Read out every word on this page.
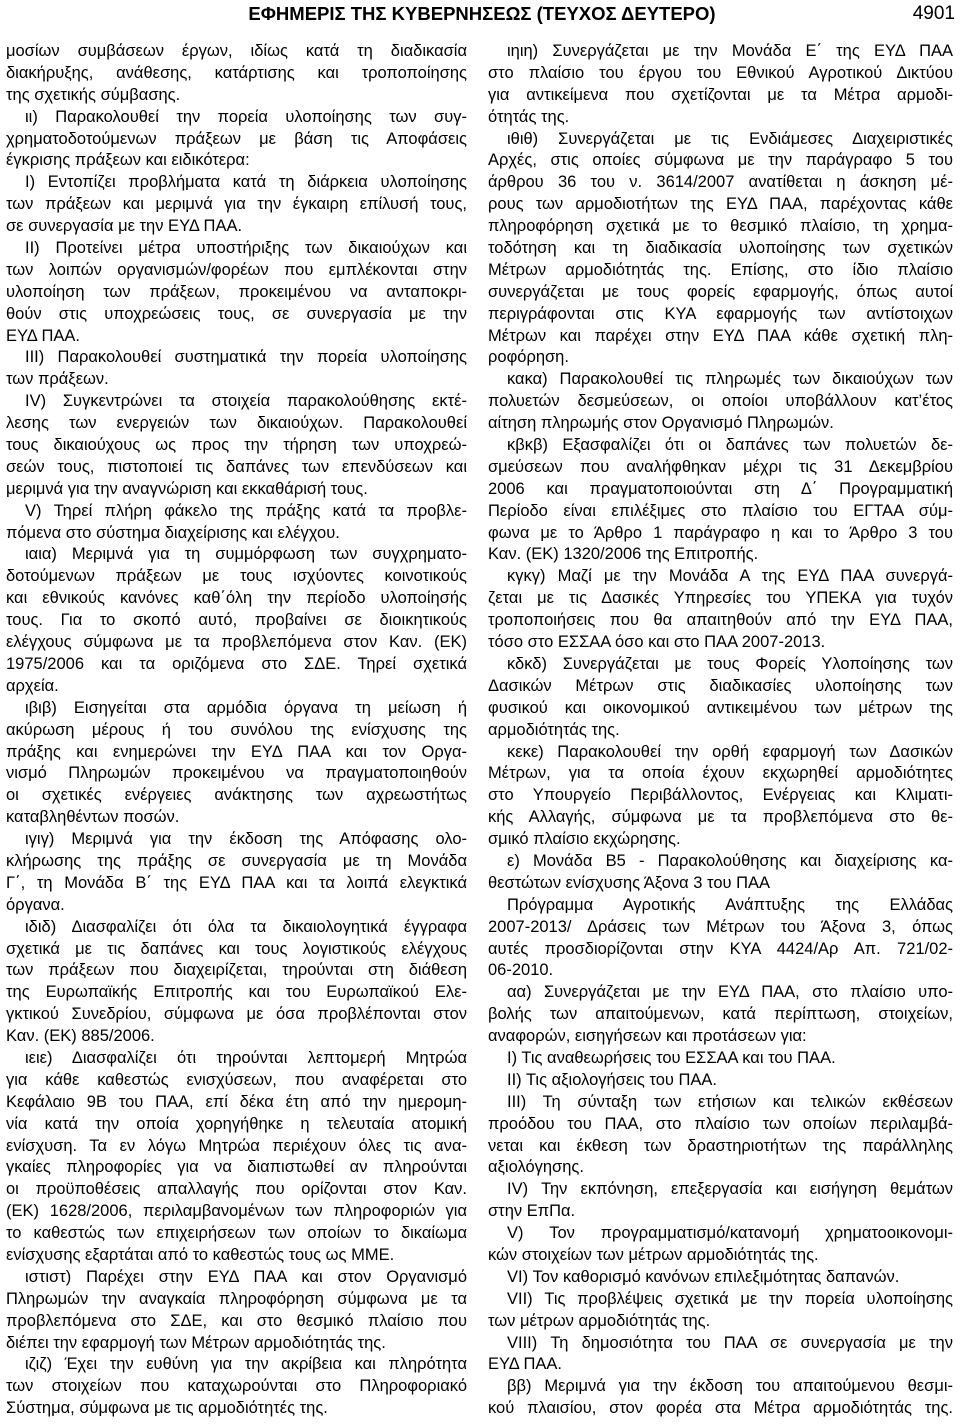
ΕΦΗΜΕΡΙΣ ΤΗΣ ΚΥΒΕΡΝΗΣΕΩΣ (ΤΕΥΧΟΣ ΔΕΥΤΕΡΟ)	4901
μοσίων συμβάσεων έργων, ιδίως κατά τη διαδικασία
διακήρυξης, ανάθεσης, κατάρτισης και τροποποίησης
της σχετικής σύμβασης.
ιι) Παρακολουθεί την πορεία υλοποίησης των συγ-
χρηματοδοτούμενων πράξεων με βάση τις Αποφάσεις
έγκρισης πράξεων και ειδικότερα:
Ι) Εντοπίζει προβλήματα κατά τη διάρκεια υλοποίησης
των πράξεων και μεριμνά για την έγκαιρη επίλυσή τους,
σε συνεργασία με την ΕΥΔ ΠΑΑ.
ΙΙ) Προτείνει μέτρα υποστήριξης των δικαιούχων και
των λοιπών οργανισμών/φορέων που εμπλέκονται στην
υλοποίηση των πράξεων, προκειμένου να ανταποκρι-
θούν στις υποχρεώσεις τους, σε συνεργασία με την
ΕΥΔ ΠΑΑ.
ΙΙΙ) Παρακολουθεί συστηματικά την πορεία υλοποίησης
των πράξεων.
ΙV) Συγκεντρώνει τα στοιχεία παρακολούθησης εκτέ-
λεσης των ενεργειών των δικαιούχων. Παρακολουθεί
τους δικαιούχους ως προς την τήρηση των υποχρεώ-
σεών τους, πιστοποιεί τις δαπάνες των επενδύσεων και
μεριμνά για την αναγνώριση και εκκαθάρισή τους.
V) Τηρεί πλήρη φάκελο της πράξης κατά τα προβλε-
πόμενα στο σύστημα διαχείρισης και ελέγχου.
ιαια) Μεριμνά για τη συμμόρφωση των συγχρηματο-
δοτούμενων πράξεων με τους ισχύοντες κοινοτικούς
και εθνικούς κανόνες καθ΄όλη την περίοδο υλοποίησής
τους. Για το σκοπό αυτό, προβαίνει σε διοικητικούς
ελέγχους σύμφωνα με τα προβλεπόμενα στον Καν. (ΕΚ)
1975/2006 και τα οριζόμενα στο ΣΔΕ. Τηρεί σχετικά
αρχεία.
ιβιβ) Εισηγείται στα αρμόδια όργανα τη μείωση ή
ακύρωση μέρους ή του συνόλου της ενίσχυσης της
πράξης και ενημερώνει την ΕΥΔ ΠΑΑ και τον Οργα-
νισμό Πληρωμών προκειμένου να πραγματοποιηθούν
οι σχετικές ενέργειες ανάκτησης των αχρεωστήτως
καταβληθέντων ποσών.
ιγιγ) Μεριμνά για την έκδοση της Απόφασης ολο-
κλήρωσης της πράξης σε συνεργασία με τη Μονάδα
Γ΄, τη Μονάδα Β΄ της ΕΥΔ ΠΑΑ και τα λοιπά ελεγκτικά
όργανα.
ιδιδ) Διασφαλίζει ότι όλα τα δικαιολογητικά έγγραφα
σχετικά με τις δαπάνες και τους λογιστικούς ελέγχους
των πράξεων που διαχειρίζεται, τηρούνται στη διάθεση
της Ευρωπαϊκής Επιτροπής και του Ευρωπαϊκού Ελε-
γκτικού Συνεδρίου, σύμφωνα με όσα προβλέπονται στον
Καν. (ΕΚ) 885/2006.
ιειε) Διασφαλίζει ότι τηρούνται λεπτομερή Μητρώα
για κάθε καθεστώς ενισχύσεων, που αναφέρεται στο
Κεφάλαιο 9Β του ΠΑΑ, επί δέκα έτη από την ημερομη-
νία κατά την οποία χορηγήθηκε η τελευταία ατομική
ενίσχυση. Τα εν λόγω Μητρώα περιέχουν όλες τις ανα-
γκαίες πληροφορίες για να διαπιστωθεί αν πληρούνται
οι προϋποθέσεις απαλλαγής που ορίζονται στον Καν.
(ΕΚ) 1628/2006, περιλαμβανομένων των πληροφοριών για
το καθεστώς των επιχειρήσεων των οποίων το δικαίωμα
ενίσχυσης εξαρτάται από το καθεστώς τους ως ΜΜΕ.
ιστιστ) Παρέχει στην ΕΥΔ ΠΑΑ και στον Οργανισμό
Πληρωμών την αναγκαία πληροφόρηση σύμφωνα με τα
προβλεπόμενα στο ΣΔΕ, και στο θεσμικό πλαίσιο που
διέπει την εφαρμογή των Μέτρων αρμοδιότητάς της.
ιζιζ) Έχει την ευθύνη για την ακρίβεια και πληρότητα
των στοιχείων που καταχωρούνται στο Πληροφοριακό
Σύστημα, σύμφωνα με τις αρμοδιότητές της.
ιηιη) Συνεργάζεται με την Μονάδα Ε΄ της ΕΥΔ ΠΑΑ
στο πλαίσιο του έργου του Εθνικού Αγροτικού Δικτύου
για αντικείμενα που σχετίζονται με τα Μέτρα αρμοδι-
ότητάς της.
ιθιθ) Συνεργάζεται με τις Ενδιάμεσες Διαχειριστικές
Αρχές, στις οποίες σύμφωνα με την παράγραφο 5 του
άρθρου 36 του ν. 3614/2007 ανατίθεται η άσκηση μέ-
ρους των αρμοδιοτήτων της ΕΥΔ ΠΑΑ, παρέχοντας κάθε
πληροφόρηση σχετικά με το θεσμικό πλαίσιο, τη χρημα-
τοδότηση και τη διαδικασία υλοποίησης των σχετικών
Μέτρων αρμοδιότητάς της. Επίσης, στο ίδιο πλαίσιο
συνεργάζεται με τους φορείς εφαρμογής, όπως αυτοί
περιγράφονται στις ΚΥΑ εφαρμογής των αντίστοιχων
Μέτρων και παρέχει στην ΕΥΔ ΠΑΑ κάθε σχετική πλη-
ροφόρηση.
κακα) Παρακολουθεί τις πληρωμές των δικαιούχων των
πολυετών δεσμεύσεων, οι οποίοι υποβάλλουν κατ’έτος
αίτηση πληρωμής στον Οργανισμό Πληρωμών.
κβκβ) Εξασφαλίζει ότι οι δαπάνες των πολυετών δε-
σμεύσεων που αναλήφθηκαν μέχρι τις 31 Δεκεμβρίου
2006 και πραγματοποιούνται στη Δ΄ Προγραμματική
Περίοδο είναι επιλέξιμες στο πλαίσιο του ΕΓΤΑΑ σύμ-
φωνα με το Άρθρο 1 παράγραφο η και το Άρθρο 3 του
Καν. (ΕΚ) 1320/2006 της Επιτροπής.
κγκγ) Μαζί με την Μονάδα Α της ΕΥΔ ΠΑΑ συνεργά-
ζεται με τις Δασικές Υπηρεσίες του ΥΠΕΚΑ για τυχόν
τροποποιήσεις που θα απαιτηθούν από την ΕΥΔ ΠΑΑ,
τόσο στο ΕΣΣΑΑ όσο και στο ΠΑΑ 2007-2013.
κδκδ) Συνεργάζεται με τους Φορείς Υλοποίησης των
Δασικών Μέτρων στις διαδικασίες υλοποίησης των
φυσικού και οικονομικού αντικειμένου των μέτρων της
αρμοδιότητάς της.
κεκε) Παρακολουθεί την ορθή εφαρμογή των Δασικών
Μέτρων, για τα οποία έχουν εκχωρηθεί αρμοδιότητες
στο Υπουργείο Περιβάλλοντος, Ενέργειας και Κλιματι-
κής Αλλαγής, σύμφωνα με τα προβλεπόμενα στο θε-
σμικό πλαίσιο εκχώρησης.
ε) Μονάδα Β5 - Παρακολούθησης και διαχείρισης κα-
θεστώτων ενίσχυσης Άξονα 3 του ΠΑΑ
Πρόγραμμα Αγροτικής Ανάπτυξης της Ελλάδας
2007-2013/ Δράσεις των Μέτρων του Άξονα 3, όπως
αυτές προσδιορίζονται στην ΚΥΑ 4424/Αρ Απ. 721/02-
06-2010.
αα) Συνεργάζεται με την ΕΥΔ ΠΑΑ, στο πλαίσιο υπο-
βολής των απαιτούμενων, κατά περίπτωση, στοιχείων,
αναφορών, εισηγήσεων και προτάσεων για:
Ι) Τις αναθεωρήσεις του ΕΣΣΑΑ και του ΠΑΑ.
ΙΙ) Τις αξιολογήσεις του ΠΑΑ.
ΙΙΙ) Τη σύνταξη των ετήσιων και τελικών εκθέσεων
προόδου του ΠΑΑ, στο πλαίσιο των οποίων περιλαμβά-
νεται και έκθεση των δραστηριοτήτων της παράλληλης
αξιολόγησης.
ΙV) Την εκπόνηση, επεξεργασία και εισήγηση θεμάτων
στην ΕπΠα.
V) Τον προγραμματισμό/κατανομή χρηματοοικονομι-
κών στοιχείων των μέτρων αρμοδιότητάς της.
VI) Τον καθορισμό κανόνων επιλεξιμότητας δαπανών.
VII) Τις προβλέψεις σχετικά με την πορεία υλοποίησης
των μέτρων αρμοδιότητάς της.
VIII) Τη δημοσιότητα του ΠΑΑ σε συνεργασία με την
ΕΥΔ ΠΑΑ.
ββ) Μεριμνά για την έκδοση του απαιτούμενου θεσμι-
κού πλαισίου, στον φορέα στα Μέτρα αρμοδιότητάς της.
